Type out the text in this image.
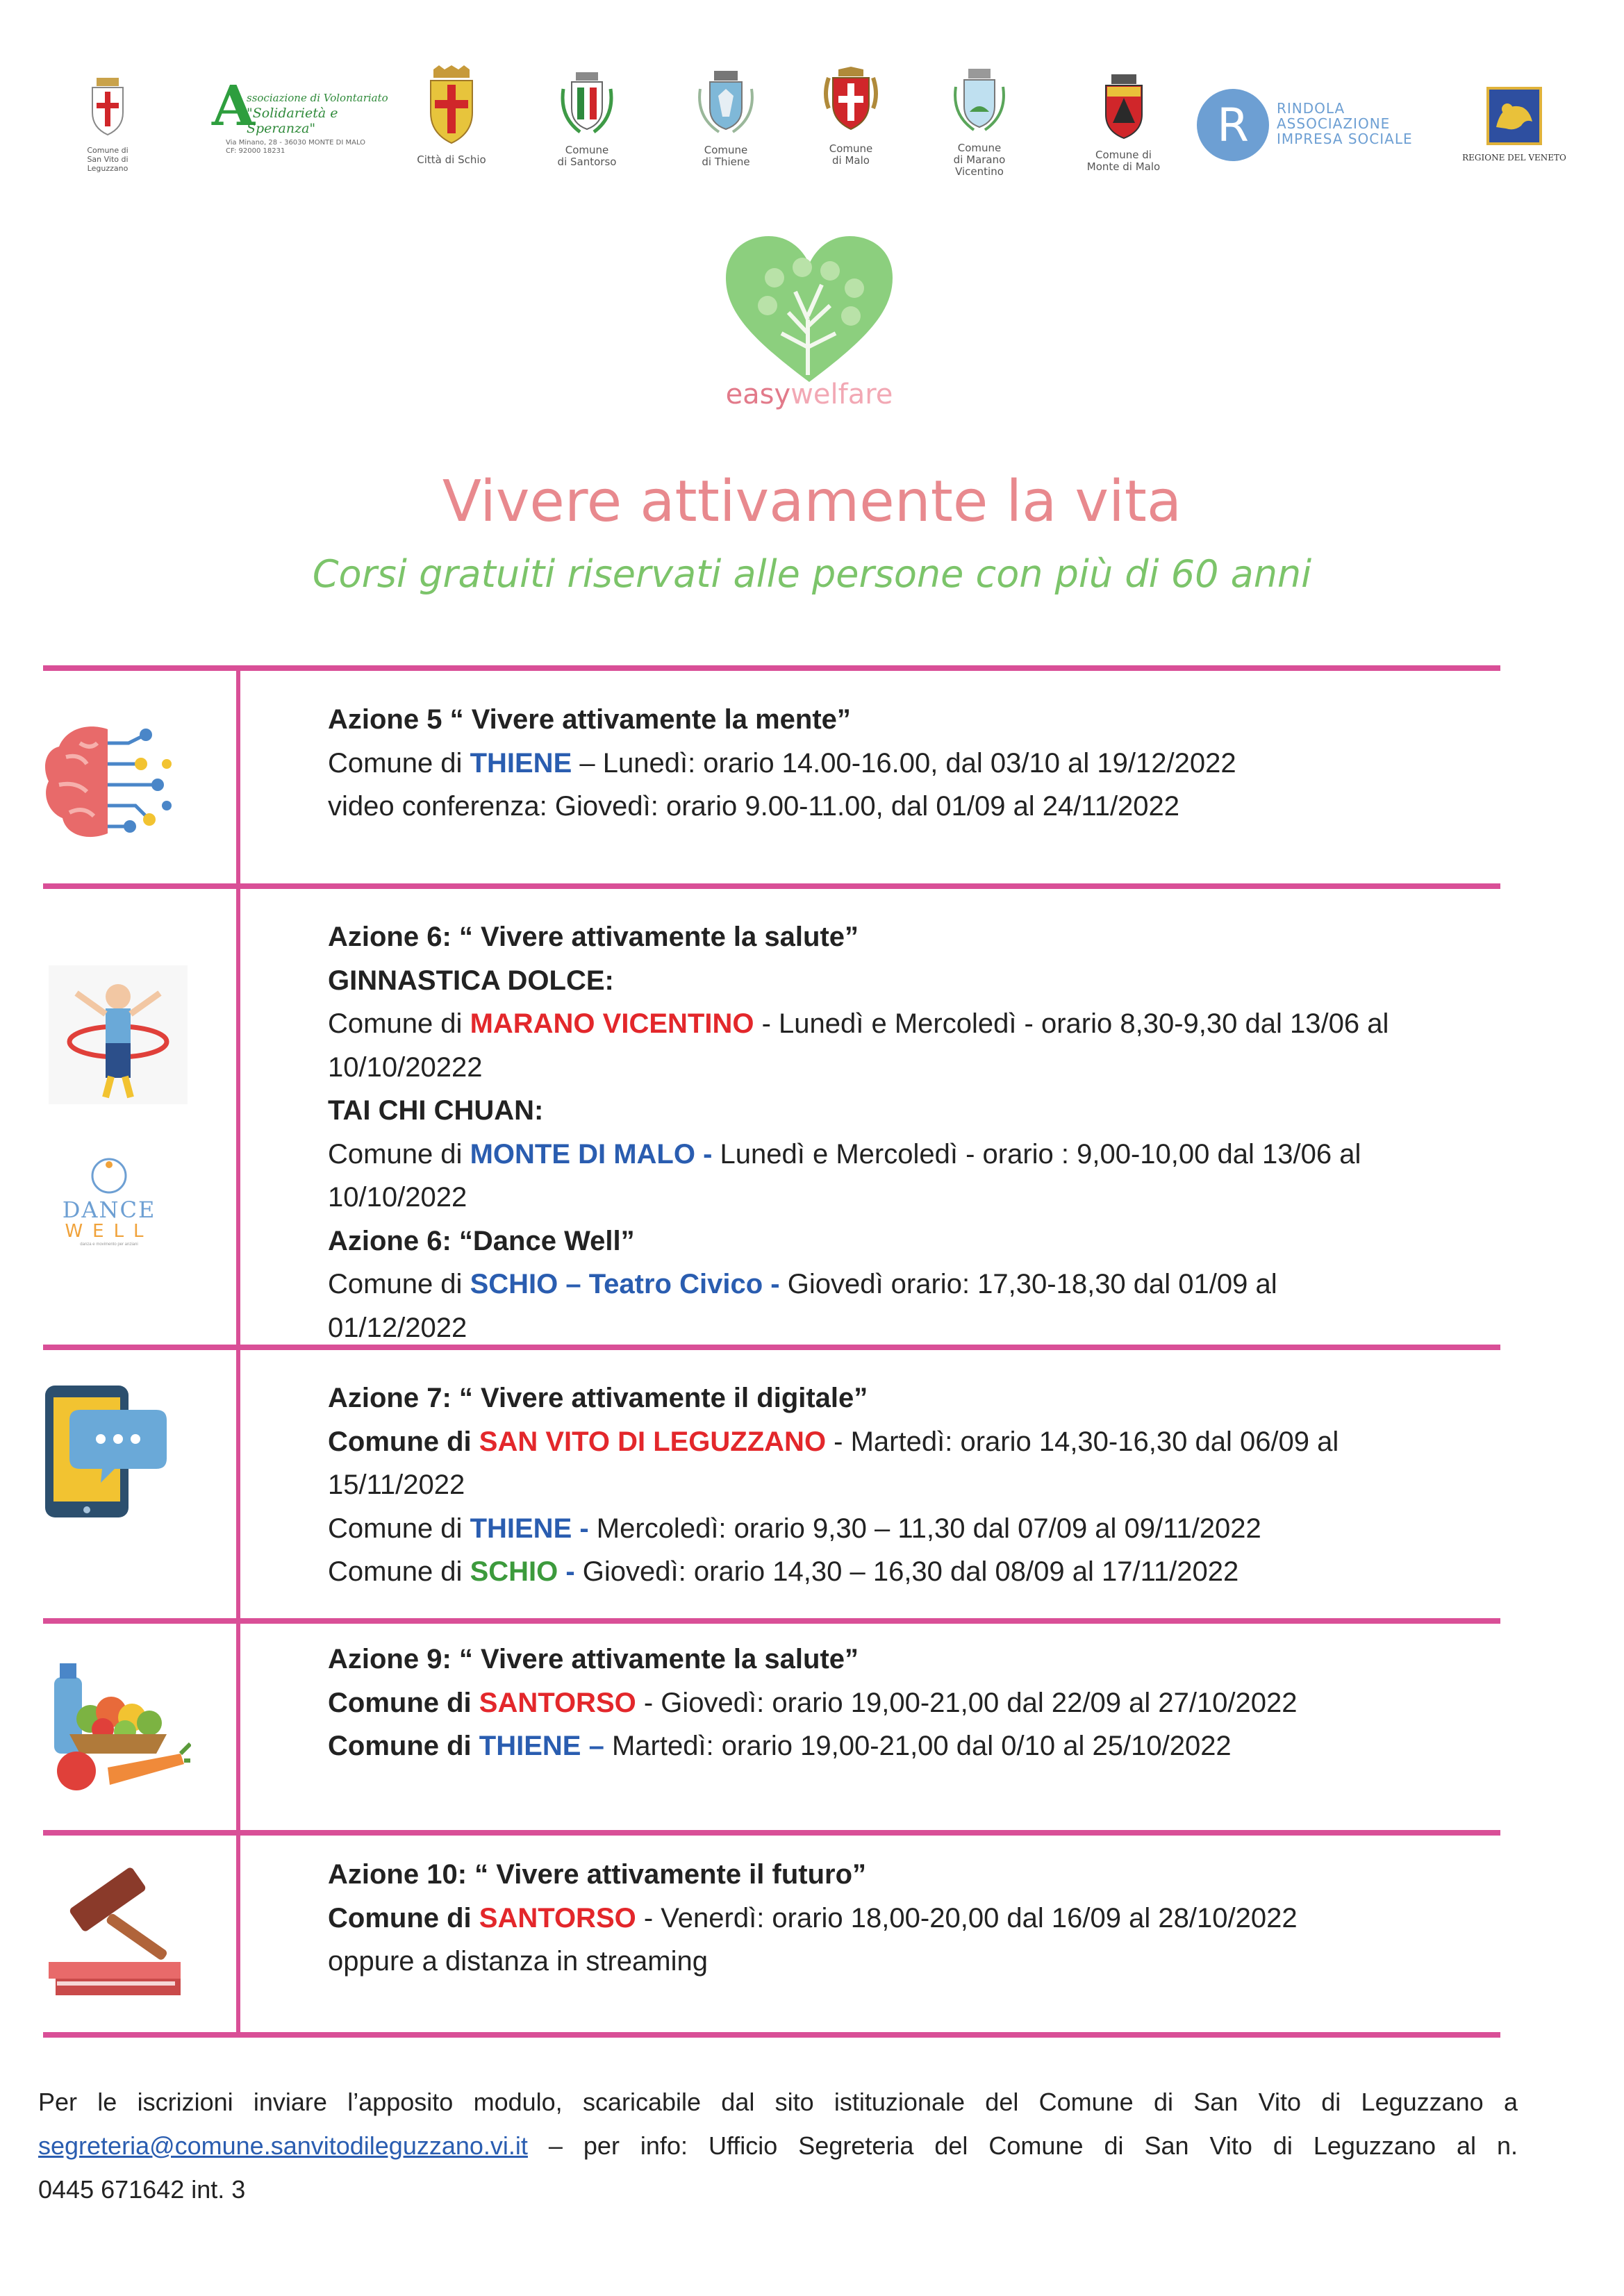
Comune di
San Vito di Leguzzano
A
ssociazione di Volontariato
"Solidarietà e Speranza"
Via Minano, 28 - 36030 MONTE DI MALO
CF: 92000 18231
Città di Schio
Comune
di Santorso
Comune
di Thiene
Comune
di Malo
Comune
di Marano
Vicentino
Comune di
Monte di Malo
R RINDOLA
ASSOCIAZIONE
IMPRESA SOCIALE
REGIONE DEL VENETO
easywelfare
Vivere attivamente la vita
Corsi gratuiti riservati alle persone con più di 60 anni
Azione 5 “ Vivere attivamente la mente”
Comune di THIENE – Lunedì: orario 14.00-16.00, dal 03/10 al 19/12/2022
video conferenza: Giovedì: orario 9.00-11.00, dal 01/09 al 24/11/2022
DANCE
WELL
danza e movimento per anziani
Azione 6: “ Vivere attivamente la salute”
GINNASTICA DOLCE:
Comune di MARANO VICENTINO - Lunedì e Mercoledì - orario 8,30-9,30 dal 13/06 al
10/10/20222
TAI CHI CHUAN:
Comune di MONTE DI MALO - Lunedì e Mercoledì - orario : 9,00-10,00 dal 13/06 al
10/10/2022
Azione 6: “Dance Well”
Comune di SCHIO – Teatro Civico - Giovedì orario: 17,30-18,30 dal 01/09 al
01/12/2022
Azione 7: “ Vivere attivamente il digitale”
Comune di SAN VITO DI LEGUZZANO - Martedì: orario 14,30-16,30 dal 06/09 al
15/11/2022
Comune di THIENE - Mercoledì: orario 9,30 – 11,30 dal 07/09 al 09/11/2022
Comune di SCHIO - Giovedì: orario 14,30 – 16,30 dal 08/09 al 17/11/2022
Azione 9: “ Vivere attivamente la salute”
Comune di SANTORSO - Giovedì: orario 19,00-21,00 dal 22/09 al 27/10/2022
Comune di THIENE – Martedì: orario 19,00-21,00 dal 0/10 al 25/10/2022
Azione 10: “ Vivere attivamente il futuro”
Comune di SANTORSO - Venerdì: orario 18,00-20,00 dal 16/09 al 28/10/2022
oppure a distanza in streaming
Per le iscrizioni inviare l’apposito modulo, scaricabile dal sito istituzionale del Comune di San Vito di Leguzzano a
segreteria@comune.sanvitodileguzzano.vi.it – per info: Ufficio Segreteria del Comune di San Vito di Leguzzano al n.
0445 671642 int. 3
